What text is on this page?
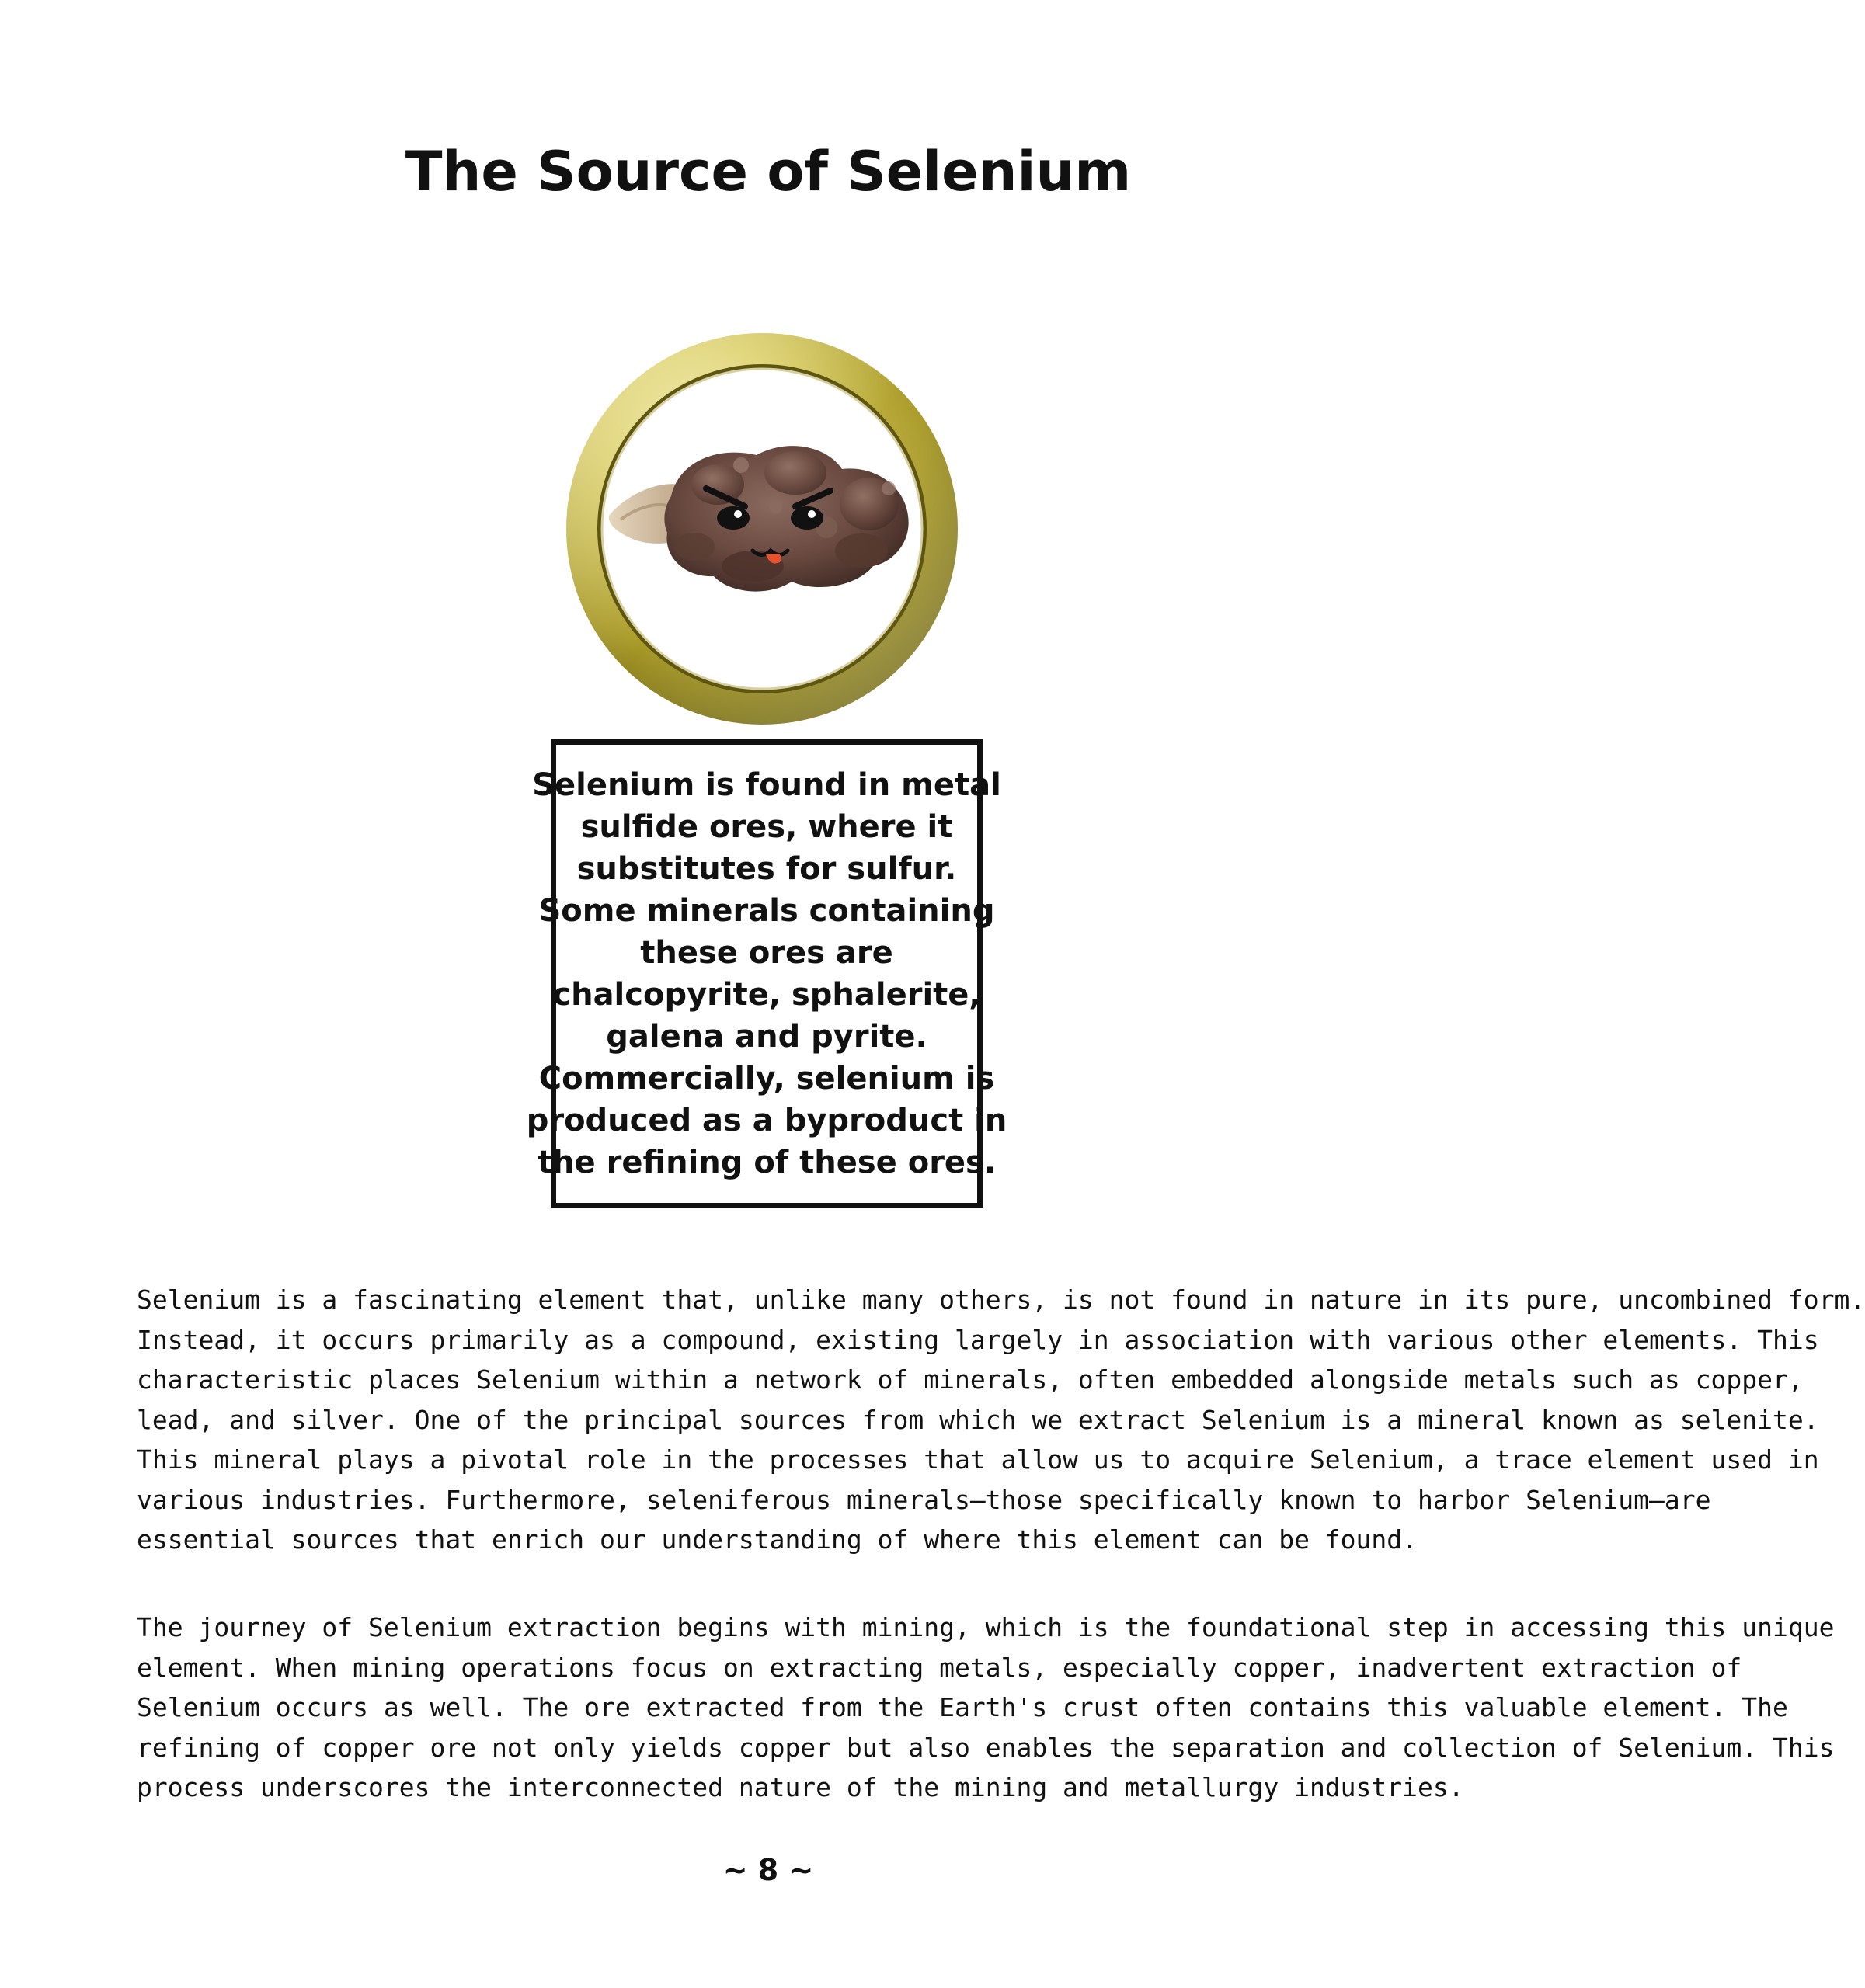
The Source of Selenium

Selenium is found in metal
sulfide ores, where it
substitutes for sulfur.
Some minerals containing
these ores are
chalcopyrite, sphalerite,
galena and pyrite.
Commercially, selenium is
produced as a byproduct in
the refining of these ores.

Selenium is a fascinating element that, unlike many others, is not found in nature in its pure, uncombined form.
Instead, it occurs primarily as a compound, existing largely in association with various other elements. This
characteristic places Selenium within a network of minerals, often embedded alongside metals such as copper,
lead, and silver. One of the principal sources from which we extract Selenium is a mineral known as selenite.
This mineral plays a pivotal role in the processes that allow us to acquire Selenium, a trace element used in
various industries. Furthermore, seleniferous minerals—those specifically known to harbor Selenium—are
essential sources that enrich our understanding of where this element can be found.

The journey of Selenium extraction begins with mining, which is the foundational step in accessing this unique
element. When mining operations focus on extracting metals, especially copper, inadvertent extraction of
Selenium occurs as well. The ore extracted from the Earth's crust often contains this valuable element. The
refining of copper ore not only yields copper but also enables the separation and collection of Selenium. This
process underscores the interconnected nature of the mining and metallurgy industries.

~ 8 ~
